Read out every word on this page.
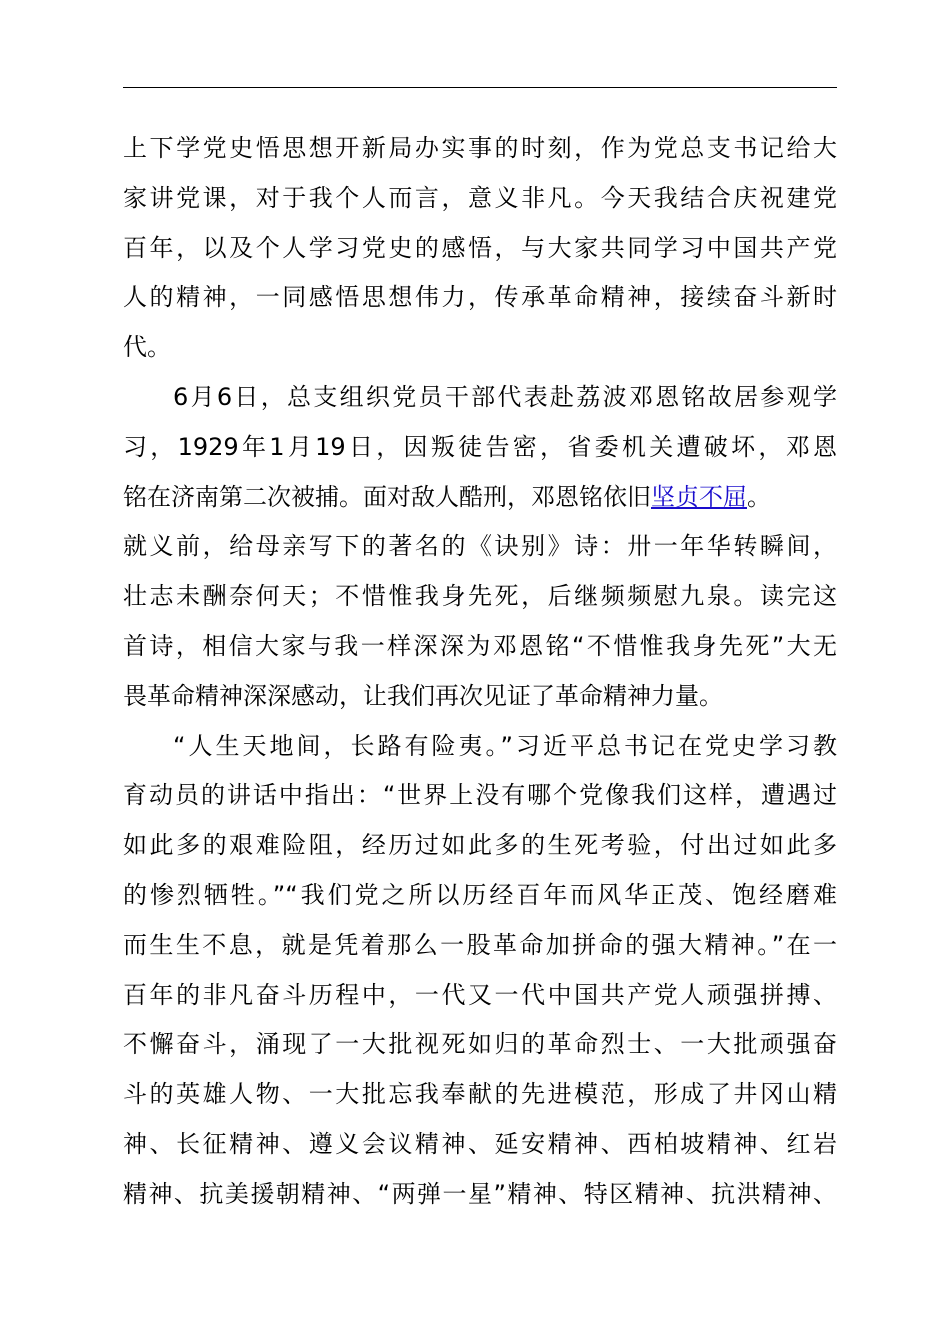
上下学党史悟思想开新局办实事的时刻，作为党总支书记给大
家讲党课，对于我个人而言，意义非凡。今天我结合庆祝建党
百年，以及个人学习党史的感悟，与大家共同学习中国共产党
人的精神，一同感悟思想伟力，传承革命精神，接续奋斗新时
代。
6月6日，总支组织党员干部代表赴荔波邓恩铭故居参观学
习，1929年1月19日，因叛徒告密，省委机关遭破坏，邓恩
铭在济南第二次被捕。面对敌人酷刑，邓恩铭依旧坚贞不屈。
就义前，给母亲写下的著名的《诀别》诗：卅一年华转瞬间，
壮志未酬奈何天；不惜惟我身先死，后继频频慰九泉。读完这
首诗，相信大家与我一样深深为邓恩铭“不惜惟我身先死”大无
畏革命精神深深感动，让我们再次见证了革命精神力量。
“人生天地间，长路有险夷。”习近平总书记在党史学习教
育动员的讲话中指出：“世界上没有哪个党像我们这样，遭遇过
如此多的艰难险阻，经历过如此多的生死考验，付出过如此多
的惨烈牺牲。”“我们党之所以历经百年而风华正茂、饱经磨难
而生生不息，就是凭着那么一股革命加拼命的强大精神。”在一
百年的非凡奋斗历程中，一代又一代中国共产党人顽强拼搏、
不懈奋斗，涌现了一大批视死如归的革命烈士、一大批顽强奋
斗的英雄人物、一大批忘我奉献的先进模范，形成了井冈山精
神、长征精神、遵义会议精神、延安精神、西柏坡精神、红岩
精神、抗美援朝精神、“两弹一星”精神、特区精神、抗洪精神、
